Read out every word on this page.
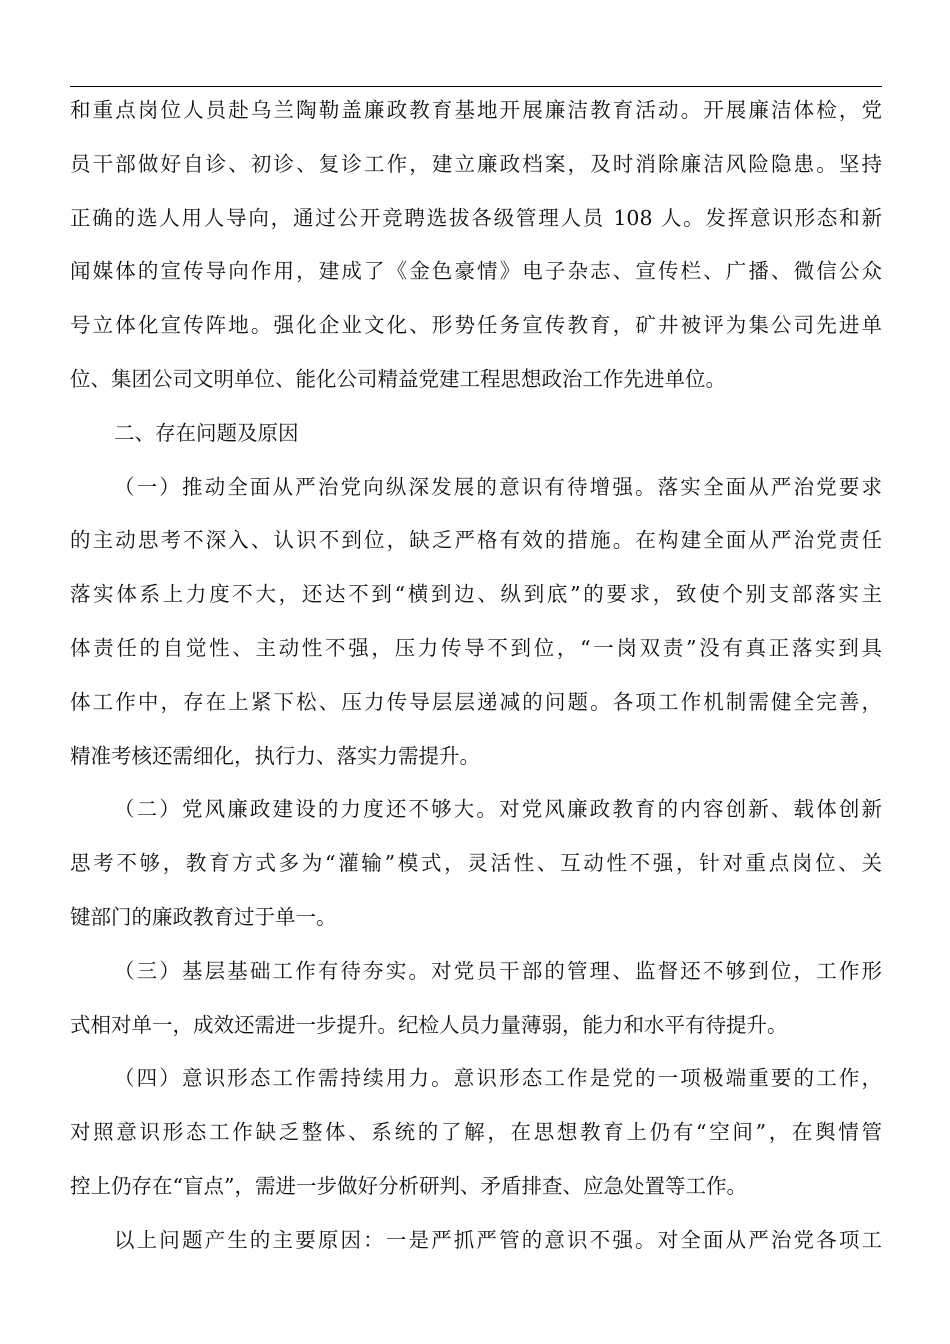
和重点岗位人员赴乌兰陶勒盖廉政教育基地开展廉洁教育活动。开展廉洁体检，党
员干部做好自诊、初诊、复诊工作，建立廉政档案，及时消除廉洁风险隐患。坚持
正确的选人用人导向，通过公开竞聘选拔各级管理人员 108 人。发挥意识形态和新
闻媒体的宣传导向作用，建成了《金色豪情》电子杂志、宣传栏、广播、微信公众
号立体化宣传阵地。强化企业文化、形势任务宣传教育，矿井被评为集公司先进单
位、集团公司文明单位、能化公司精益党建工程思想政治工作先进单位。
二、存在问题及原因
（一）推动全面从严治党向纵深发展的意识有待增强。落实全面从严治党要求
的主动思考不深入、认识不到位，缺乏严格有效的措施。在构建全面从严治党责任
落实体系上力度不大，还达不到“横到边、纵到底”的要求，致使个别支部落实主
体责任的自觉性、主动性不强，压力传导不到位，“一岗双责”没有真正落实到具
体工作中，存在上紧下松、压力传导层层递减的问题。各项工作机制需健全完善，
精准考核还需细化，执行力、落实力需提升。
（二）党风廉政建设的力度还不够大。对党风廉政教育的内容创新、载体创新
思考不够，教育方式多为“灌输”模式，灵活性、互动性不强，针对重点岗位、关
键部门的廉政教育过于单一。
（三）基层基础工作有待夯实。对党员干部的管理、监督还不够到位，工作形
式相对单一，成效还需进一步提升。纪检人员力量薄弱，能力和水平有待提升。
（四）意识形态工作需持续用力。意识形态工作是党的一项极端重要的工作，
对照意识形态工作缺乏整体、系统的了解，在思想教育上仍有“空间”，在舆情管
控上仍存在“盲点”，需进一步做好分析研判、矛盾排查、应急处置等工作。
以上问题产生的主要原因：一是严抓严管的意识不强。对全面从严治党各项工
